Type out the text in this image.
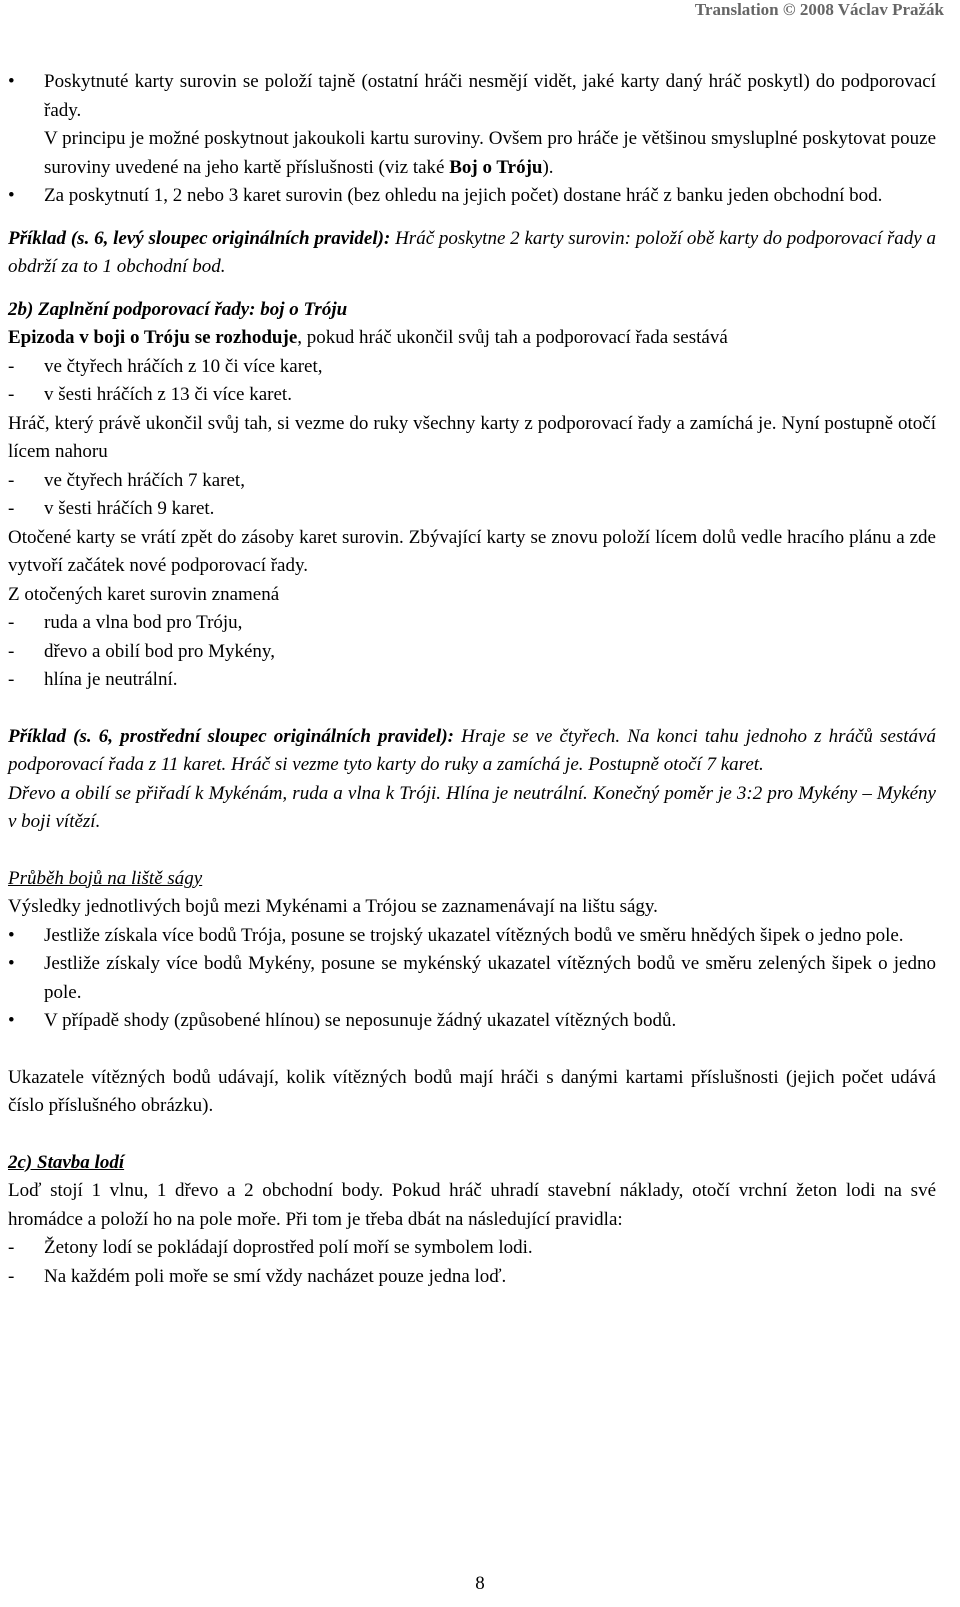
Translation © 2008 Václav Pražák

• Poskytnuté karty surovin se položí tajně (ostatní hráči nesmějí vidět, jaké karty daný hráč poskytl) do podporovací řady.

V principu je možné poskytnout jakoukoli kartu suroviny. Ovšem pro hráče je většinou smysluplné poskytovat pouze suroviny uvedené na jeho kartě příslušnosti (viz také Boj o Tróju).

• Za poskytnutí 1, 2 nebo 3 karet surovin (bez ohledu na jejich počet) dostane hráč z banku jeden obchodní bod.

Příklad (s. 6, levý sloupec originálních pravidel): Hráč poskytne 2 karty surovin: položí obě karty do podporovací řady a obdrží za to 1 obchodní bod.

2b) Zaplnění podporovací řady: boj o Tróju

Epizoda v boji o Tróju se rozhoduje, pokud hráč ukončil svůj tah a podporovací řada sestává

- ve čtyřech hráčích z 10 či více karet,

- v šesti hráčích z 13 či více karet.

Hráč, který právě ukončil svůj tah, si vezme do ruky všechny karty z podporovací řady a zamíchá je. Nyní postupně otočí lícem nahoru

- ve čtyřech hráčích 7 karet,

- v šesti hráčích 9 karet.

Otočené karty se vrátí zpět do zásoby karet surovin. Zbývající karty se znovu položí lícem dolů vedle hracího plánu a zde vytvoří začátek nové podporovací řady.

Z otočených karet surovin znamená

- ruda a vlna bod pro Tróju,

- dřevo a obilí bod pro Mykény,

- hlína je neutrální.

Příklad (s. 6, prostřední sloupec originálních pravidel): Hraje se ve čtyřech. Na konci tahu jednoho z hráčů sestává podporovací řada z 11 karet. Hráč si vezme tyto karty do ruky a zamíchá je. Postupně otočí 7 karet.

Dřevo a obilí se přiřadí k Mykénám, ruda a vlna k Tróji. Hlína je neutrální. Konečný poměr je 3:2 pro Mykény – Mykény v boji vítězí.

Průběh bojů na liště ságy

Výsledky jednotlivých bojů mezi Mykénami a Trójou se zaznamenávají na lištu ságy.

• Jestliže získala více bodů Trója, posune se trojský ukazatel vítězných bodů ve směru hnědých šipek o jedno pole.

• Jestliže získaly více bodů Mykény, posune se mykénský ukazatel vítězných bodů ve směru zelených šipek o jedno pole.

• V případě shody (způsobené hlínou) se neposunuje žádný ukazatel vítězných bodů.

Ukazatele vítězných bodů udávají, kolik vítězných bodů mají hráči s danými kartami příslušnosti (jejich počet udává číslo příslušného obrázku).

2c) Stavba lodí

Loď stojí 1 vlnu, 1 dřevo a 2 obchodní body. Pokud hráč uhradí stavební náklady, otočí vrchní žeton lodi na své hromádce a položí ho na pole moře. Při tom je třeba dbát na následující pravidla:

- Žetony lodí se pokládají doprostřed polí moří se symbolem lodi.

- Na každém poli moře se smí vždy nacházet pouze jedna loď.

8
